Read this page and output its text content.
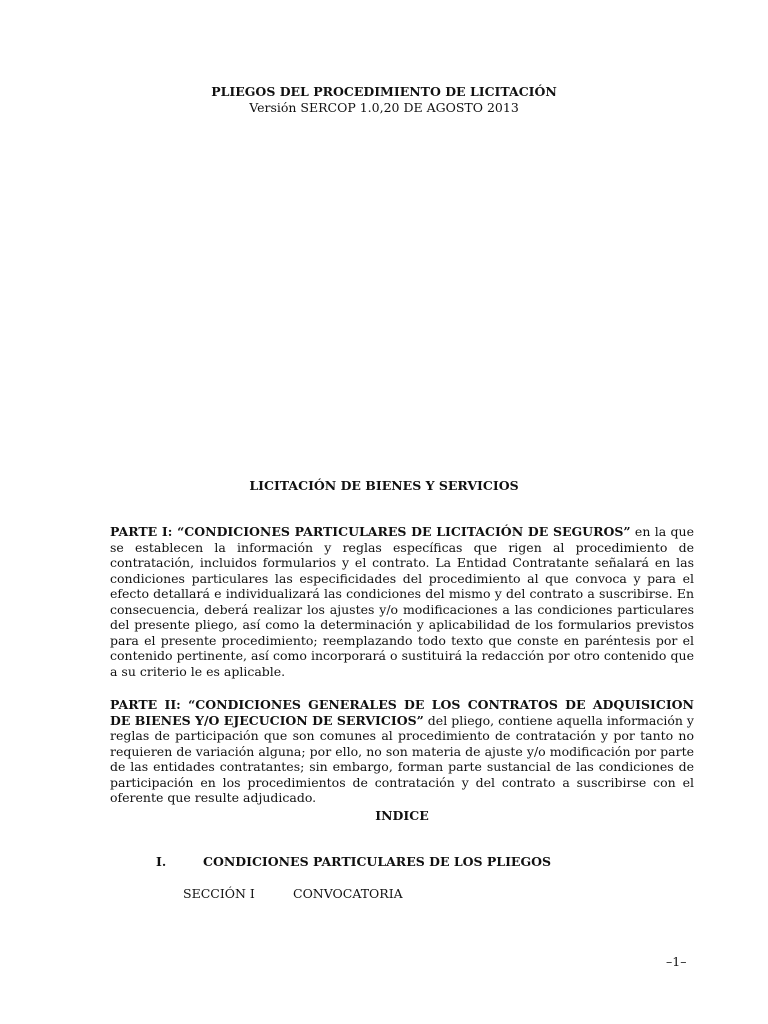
PLIEGOS DEL PROCEDIMIENTO DE LICITACIÓN
Versión SERCOP 1.0,20 DE AGOSTO 2013
LICITACIÓN DE BIENES Y SERVICIOS
PARTE I: “CONDICIONES PARTICULARES DE LICITACIÓN DE SEGUROS” en la que se establecen la información y reglas específicas que rigen al procedimiento de contratación, incluidos formularios y el contrato. La Entidad Contratante señalará en las condiciones particulares las especificidades del procedimiento al que convoca y para el efecto detallará e individualizará las condiciones del mismo y del contrato a suscribirse. En consecuencia, deberá realizar los ajustes y/o modificaciones a las condiciones particulares del presente pliego, así como la determinación y aplicabilidad de los formularios previstos para el presente procedimiento; reemplazando todo texto que conste en paréntesis por el contenido pertinente, así como incorporará o sustituirá la redacción por otro contenido que a su criterio le es aplicable.
PARTE II: “CONDICIONES GENERALES DE LOS CONTRATOS DE ADQUISICION DE BIENES Y/O EJECUCION DE SERVICIOS” del pliego, contiene aquella información y reglas de participación que son comunes al procedimiento de contratación y por tanto no requieren de variación alguna; por ello, no son materia de ajuste y/o modificación por parte de las entidades contratantes; sin embargo, forman parte sustancial de las condiciones de participación en los procedimientos de contratación y del contrato a suscribirse con el oferente que resulte adjudicado.
INDICE
I.	CONDICIONES PARTICULARES DE LOS PLIEGOS
SECCIÓN I	CONVOCATORIA
–1–
